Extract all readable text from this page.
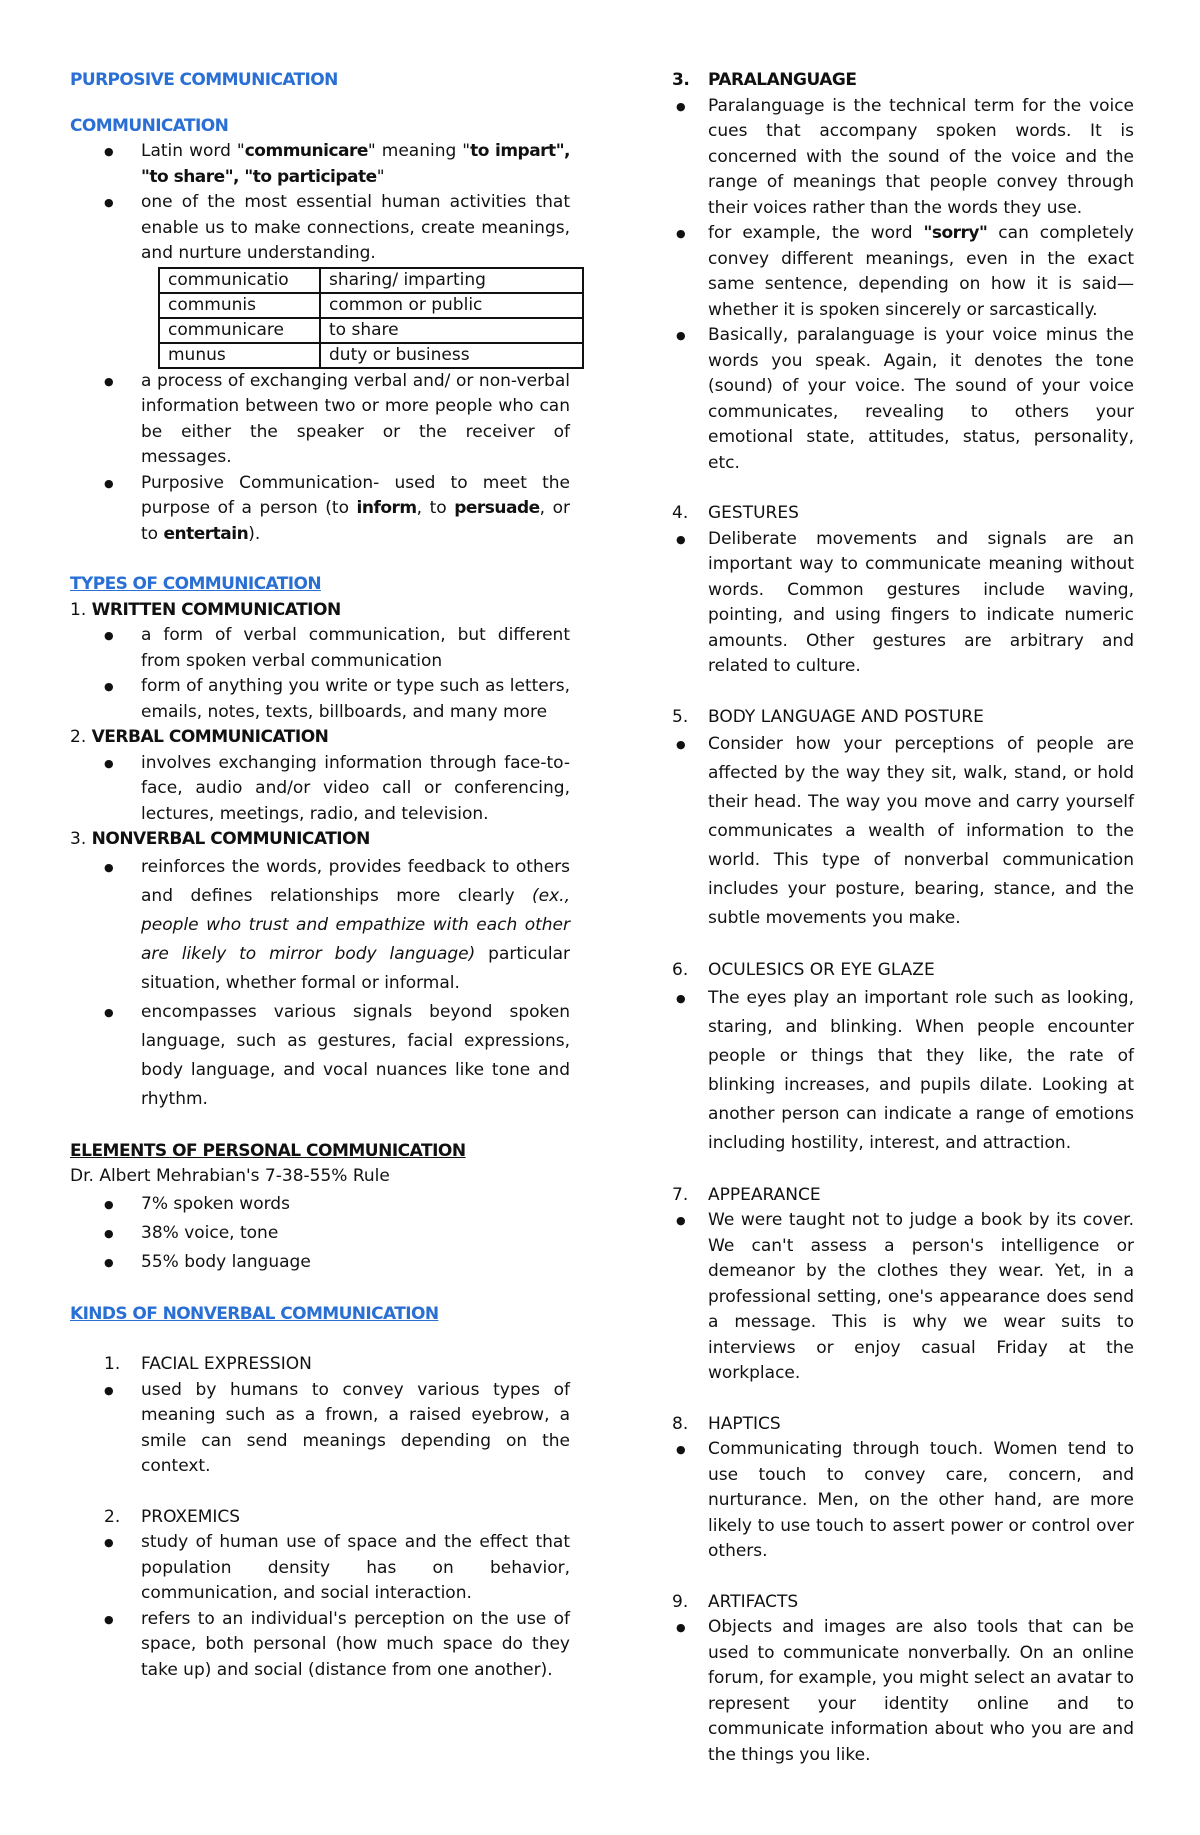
PURPOSIVE COMMUNICATION
COMMUNICATION
● Latin word "communicare" meaning "to impart", "to share", "to participate"
● one of the most essential human activities that enable us to make connections, create meanings, and nurture understanding.
communicatio	sharing/ imparting
communis	common or public
communicare	to share
munus	duty or business
● a process of exchanging verbal and/ or non-verbal information between two or more people who can be either the speaker or the receiver of messages.
● Purposive Communication- used to meet the purpose of a person (to inform, to persuade, or to entertain).
TYPES OF COMMUNICATION
1. WRITTEN COMMUNICATION
● a form of verbal communication, but different from spoken verbal communication
● form of anything you write or type such as letters, emails, notes, texts, billboards, and many more
2. VERBAL COMMUNICATION
● involves exchanging information through face-to-face, audio and/or video call or conferencing, lectures, meetings, radio, and television.
3. NONVERBAL COMMUNICATION
● reinforces the words, provides feedback to others and defines relationships more clearly (ex., people who trust and empathize with each other are likely to mirror body language) particular situation, whether formal or informal.
● encompasses various signals beyond spoken language, such as gestures, facial expressions, body language, and vocal nuances like tone and rhythm.
ELEMENTS OF PERSONAL COMMUNICATION
Dr. Albert Mehrabian's 7-38-55% Rule
● 7% spoken words
● 38% voice, tone
● 55% body language
KINDS OF NONVERBAL COMMUNICATION
1. FACIAL EXPRESSION
● used by humans to convey various types of meaning such as a frown, a raised eyebrow, a smile can send meanings depending on the context.
2. PROXEMICS
● study of human use of space and the effect that population density has on behavior, communication, and social interaction.
● refers to an individual's perception on the use of space, both personal (how much space do they take up) and social (distance from one another).
3. PARALANGUAGE
● Paralanguage is the technical term for the voice cues that accompany spoken words. It is concerned with the sound of the voice and the range of meanings that people convey through their voices rather than the words they use.
● for example, the word "sorry" can completely convey different meanings, even in the exact same sentence, depending on how it is said—whether it is spoken sincerely or sarcastically.
● Basically, paralanguage is your voice minus the words you speak. Again, it denotes the tone (sound) of your voice. The sound of your voice communicates, revealing to others your emotional state, attitudes, status, personality, etc.
4. GESTURES
● Deliberate movements and signals are an important way to communicate meaning without words. Common gestures include waving, pointing, and using fingers to indicate numeric amounts. Other gestures are arbitrary and related to culture.
5. BODY LANGUAGE AND POSTURE
● Consider how your perceptions of people are affected by the way they sit, walk, stand, or hold their head. The way you move and carry yourself communicates a wealth of information to the world. This type of nonverbal communication includes your posture, bearing, stance, and the subtle movements you make.
6. OCULESICS OR EYE GLAZE
● The eyes play an important role such as looking, staring, and blinking. When people encounter people or things that they like, the rate of blinking increases, and pupils dilate. Looking at another person can indicate a range of emotions including hostility, interest, and attraction.
7. APPEARANCE
● We were taught not to judge a book by its cover. We can't assess a person's intelligence or demeanor by the clothes they wear. Yet, in a professional setting, one's appearance does send a message. This is why we wear suits to interviews or enjoy casual Friday at the workplace.
8. HAPTICS
● Communicating through touch. Women tend to use touch to convey care, concern, and nurturance. Men, on the other hand, are more likely to use touch to assert power or control over others.
9. ARTIFACTS
● Objects and images are also tools that can be used to communicate nonverbally. On an online forum, for example, you might select an avatar to represent your identity online and to communicate information about who you are and the things you like.
